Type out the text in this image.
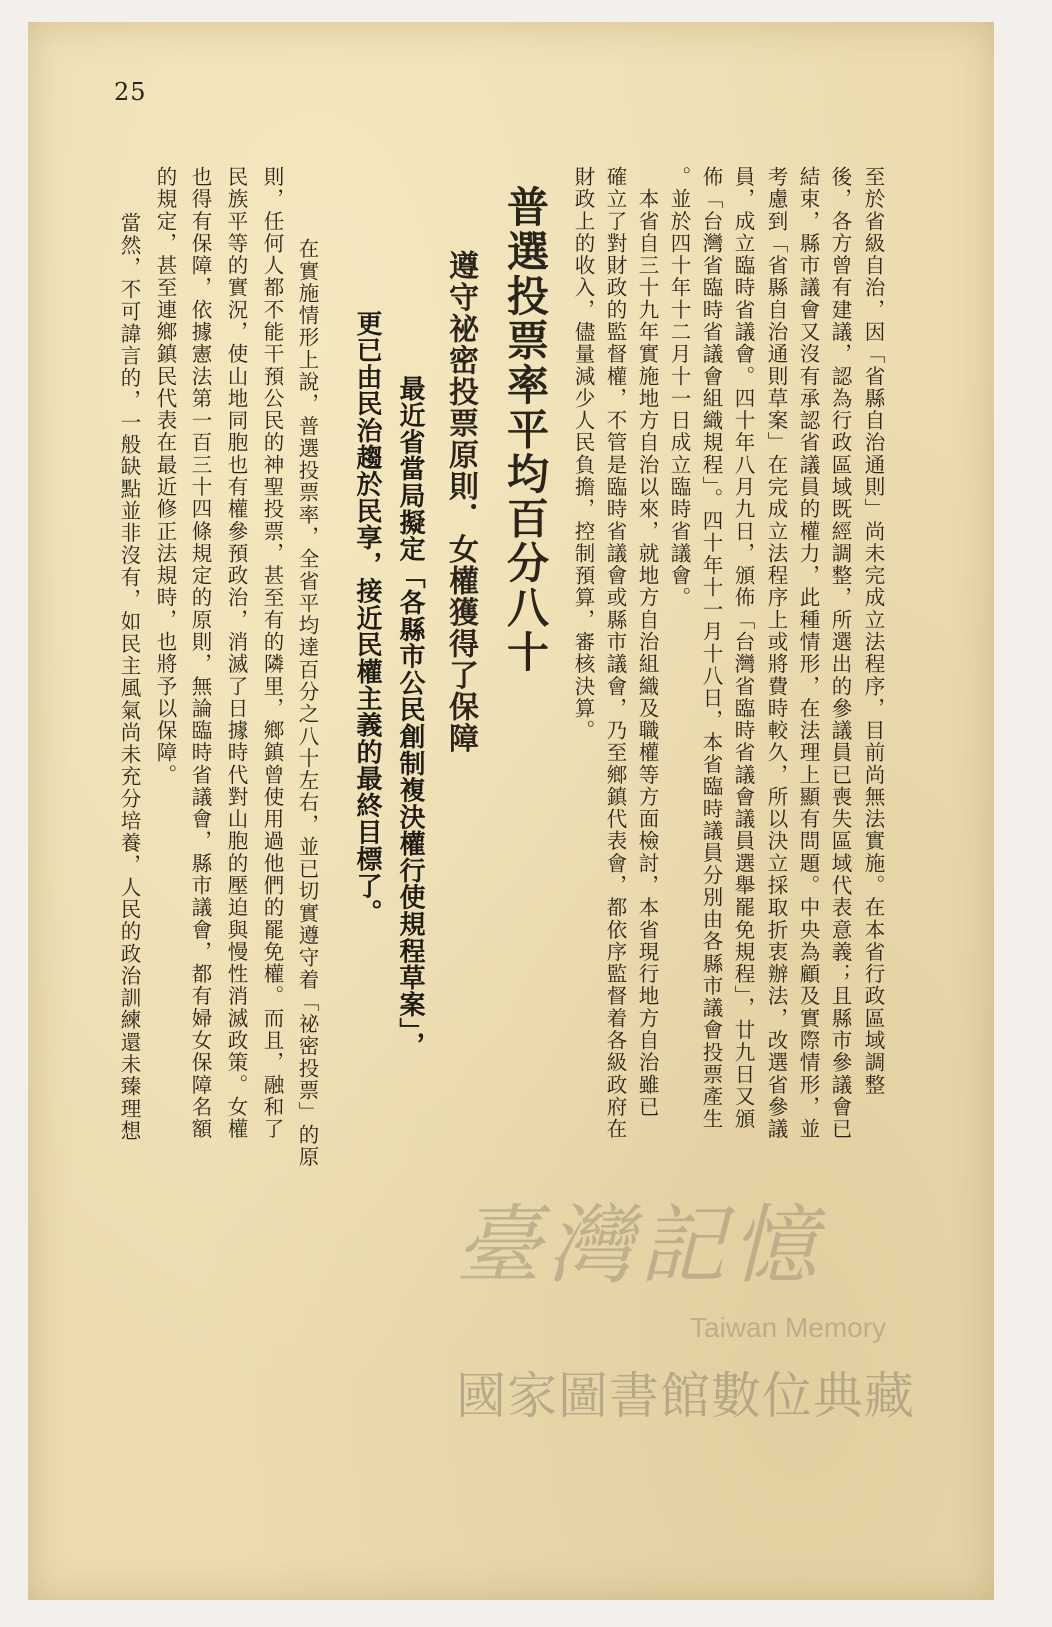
25

至於省級自治，因「省縣自治通則」尚未完成立法程序，目前尚無法實施。在本省行政區域調整

後，各方曾有建議，認為行政區域既經調整，所選出的參議員已喪失區域代表意義；且縣市參議會已

結束，縣市議會又沒有承認省議員的權力，此種情形，在法理上顯有問題。中央為顧及實際情形，並

考慮到「省縣自治通則草案」在完成立法程序上或將費時較久，所以決立採取折衷辦法，改選省參議

員，成立臨時省議會。四十年八月九日，頒佈「台灣省臨時省議會議員選舉罷免規程」，廿九日又頒

佈「台灣省臨時省議會組織規程」。四十年十一月十八日，本省臨時議員分別由各縣市議會投票產生

。並於四十年十二月十一日成立臨時省議會。

　本省自三十九年實施地方自治以來，就地方自治組織及職權等方面檢討，本省現行地方自治雖已

確立了對財政的監督權，不管是臨時省議會或縣市議會，乃至鄉鎮代表會，都依序監督着各級政府在

財政上的收入，儘量減少人民負擔，控制預算，審核決算。

普選投票率平均百分八十
遵守祕密投票原則．女權獲得了保障
最近省當局擬定「各縣市公民創制複決權行使規程草案」，
更已由民治趨於民享，接近民權主義的最終目標了。

　在實施情形上說，普選投票率，全省平均達百分之八十左右，並已切實遵守着「祕密投票」的原

則，任何人都不能干預公民的神聖投票，甚至有的隣里，鄉鎮曾使用過他們的罷免權。而且，融和了

民族平等的實況，使山地同胞也有權參預政治，消滅了日據時代對山胞的壓迫與慢性消滅政策。女權

也得有保障，依據憲法第一百三十四條規定的原則，無論臨時省議會，縣市議會，都有婦女保障名額

的規定，甚至連鄉鎮民代表在最近修正法規時，也將予以保障。

　當然，不可諱言的，一般缺點並非沒有，如民主風氣尚未充分培養，人民的政治訓練還未臻理想

臺灣記憶
Taiwan Memory
國家圖書館數位典藏
